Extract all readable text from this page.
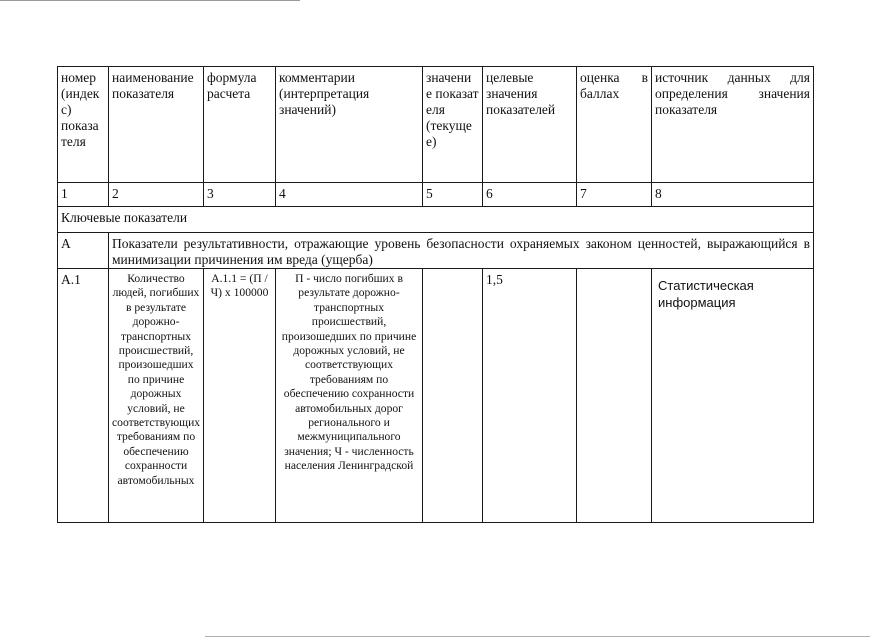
номер (индек с) показа теля	наименование показателя	формула расчета	комментарии (интерпретация значений)	значени е показат еля (текуще е)	целевые значения показателей	оценка в баллах	источник данных для определения значения показателя
1	2	3	4	5	6	7	8
Ключевые показатели							
А	Показатели результативности, отражающие уровень безопасности охраняемых законом ценностей, выражающийся в минимизации причинения им вреда (ущерба)						
А.1	Количество людей, погибших в результате дорожно-транспортных происшествий, произошедших по причине дорожных условий, не соответствующих требованиям по обеспечению сохранности автомобильных	А.1.1 = (П / Ч) х 100000	П - число погибших в результате дорожно-транспортных происшествий, произошедших по причине дорожных условий, не соответствующих требованиям по обеспечению сохранности автомобильных дорог регионального и межмуниципального значения; Ч - численность населения Ленинградской		1,5		Статистическая информация
